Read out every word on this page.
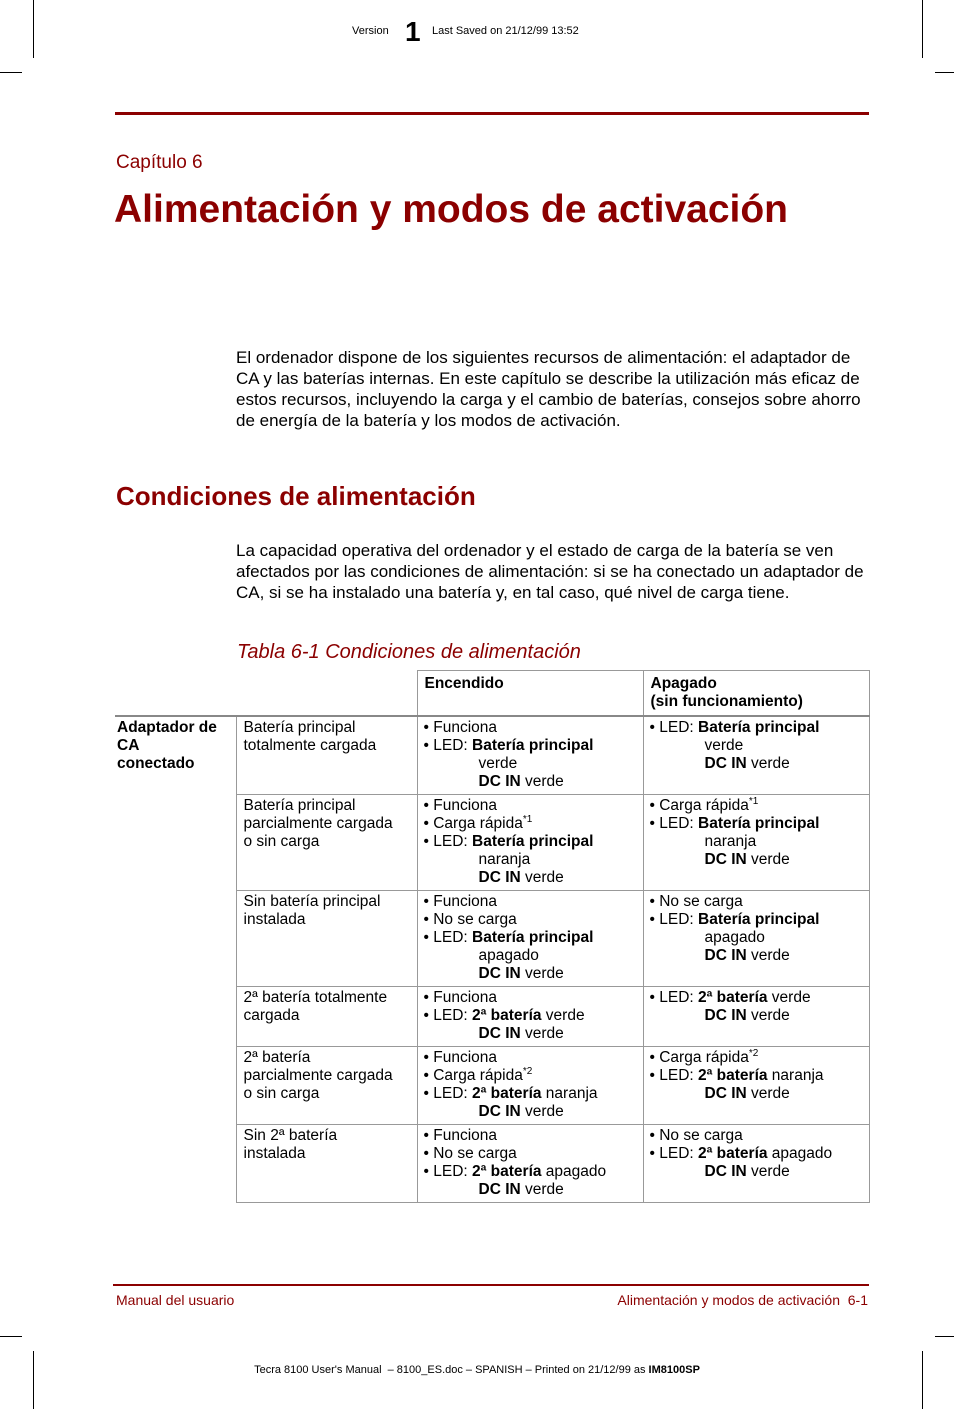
Version 1 Last Saved on 21/12/99 13:52
Capítulo 6
Alimentación y modos de activación

El ordenador dispone de los siguientes recursos de alimentación: el adaptador de CA y las baterías internas. En este capítulo se describe la utilización más eficaz de estos recursos, incluyendo la carga y el cambio de baterías, consejos sobre ahorro de energía de la batería y los modos de activación.

Condiciones de alimentación

La capacidad operativa del ordenador y el estado de carga de la batería se ven afectados por las condiciones de alimentación: si se ha conectado un adaptador de CA, si se ha instalado una batería y, en tal caso, qué nivel de carga tiene.

Tabla 6-1 Condiciones de alimentación
		Encendido	Apagado
(sin funcionamiento)
Adaptador de
CA
conectado	Batería principal
totalmente cargada	• Funciona
• LED: Batería principal
verde
DC IN verde	• LED: Batería principal
verde
DC IN verde

	Batería principal
parcialmente cargada
o sin carga	• Funciona
• Carga rápida$^{*1}$
• LED: Batería principal
naranja
DC IN verde	• Carga rápida$^{*1}$
• LED: Batería principal
naranja
DC IN verde

	Sin batería principal
instalada	• Funciona
• No se carga
• LED: Batería principal
apagado
DC IN verde	• No se carga
• LED: Batería principal
apagado
DC IN verde

	2ª batería totalmente
cargada	• Funciona
• LED: 2ª batería verde
DC IN verde	• LED: 2ª batería verde
DC IN verde

	2ª batería
parcialmente cargada
o sin carga	• Funciona
• Carga rápida$^{*2}$
• LED: 2ª batería naranja
DC IN verde	• Carga rápida$^{*2}$
• LED: 2ª batería naranja
DC IN verde

	Sin 2ª batería
instalada	• Funciona
• No se carga
• LED: 2ª batería apagado
DC IN verde	• No se carga
• LED: 2ª batería apagado
DC IN verde
Manual del usuario	Alimentación y modos de activación  6-1
Tecra 8100 User's Manual  – 8100_ES.doc – SPANISH – Printed on 21/12/99 as IM8100SP
